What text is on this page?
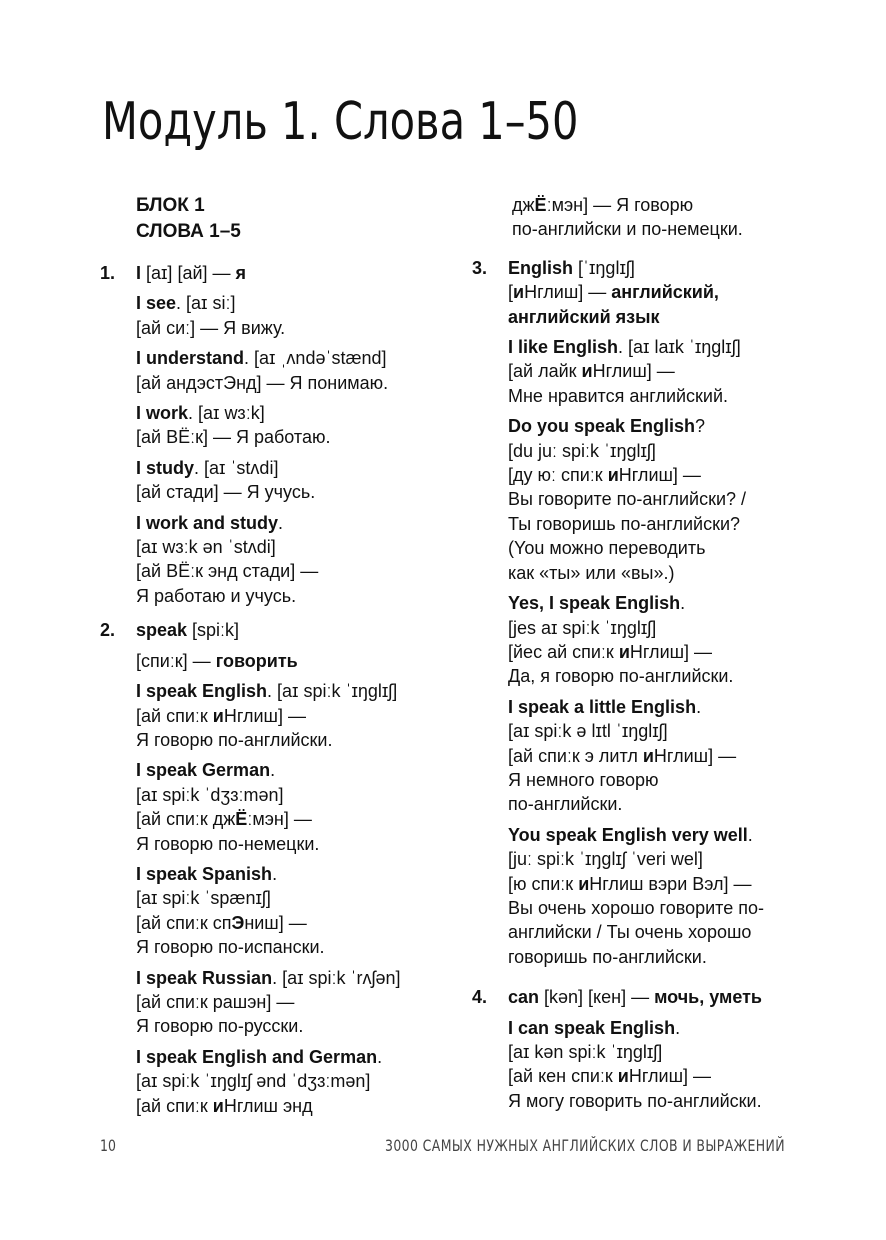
Модуль 1. Слова 1–50
БЛОК 1
СЛОВА 1–5
1. I [aɪ] [ай] — я
I see. [aɪ siː]
[ай сиː] — Я вижу.
I understand. [aɪ ˌʌndəˈstænd]
[ай андэстЭнд] — Я понимаю.
I work. [aɪ wɜːk]
[ай ВЁːк] — Я работаю.
I study. [aɪ ˈstʌdi]
[ай стади] — Я учусь.
I work and study.
[aɪ wɜːk ən ˈstʌdi]
[ай ВЁːк энд стади] —
Я работаю и учусь.
2. speak [spiːk]
[спиːк] — говорить
I speak English. [aɪ spiːk ˈɪŋglɪʃ]
[ай спиːк иНглиш] —
Я говорю по-английски.
I speak German.
[aɪ spiːk ˈdʒɜːmən]
[ай спиːк джЁːмэн] —
Я говорю по-немецки.
I speak Spanish.
[aɪ spiːk ˈspænɪʃ]
[ай спиːк спЭниш] —
Я говорю по-испански.
I speak Russian. [aɪ spiːk ˈrʌʃən]
[ай спиːк рашэн] —
Я говорю по-русски.
I speak English and German.
[aɪ spiːk ˈɪŋglɪʃ ənd ˈdʒɜːmən]
[ай спиːк иНглиш энд
джЁːмэн] — Я говорю
по-английски и по-немецки.
3. English [ˈɪŋglɪʃ]
[иНглиш] — английский,
английский язык
I like English. [aɪ laɪk ˈɪŋglɪʃ]
[ай лайк иНглиш] —
Мне нравится английский.
Do you speak English?
[du juː spiːk ˈɪŋglɪʃ]
[ду юː спиːк иНглиш] —
Вы говорите по-английски? /
Ты говоришь по-английски?
(You можно переводить
как «ты» или «вы».)
Yes, I speak English.
[jes aɪ spiːk ˈɪŋglɪʃ]
[йес ай спиːк иНглиш] —
Да, я говорю по-английски.
I speak a little English.
[aɪ spiːk ə lɪtl ˈɪŋglɪʃ]
[ай спиːк э литл иНглиш] —
Я немного говорю
по-английски.
You speak English very well.
[juː spiːk ˈɪŋglɪʃ ˈveri wel]
[ю спиːк иНглиш вэри Вэл] —
Вы очень хорошо говорите по-
английски / Ты очень хорошо
говоришь по-английски.
4. can [kən] [кен] — мочь, уметь
I can speak English.
[aɪ kən spiːk ˈɪŋglɪʃ]
[ай кен спиːк иНглиш] —
Я могу говорить по-английски.
10	3000 САМЫХ НУЖНЫХ АНГЛИЙСКИХ СЛОВ И ВЫРАЖЕНИЙ
